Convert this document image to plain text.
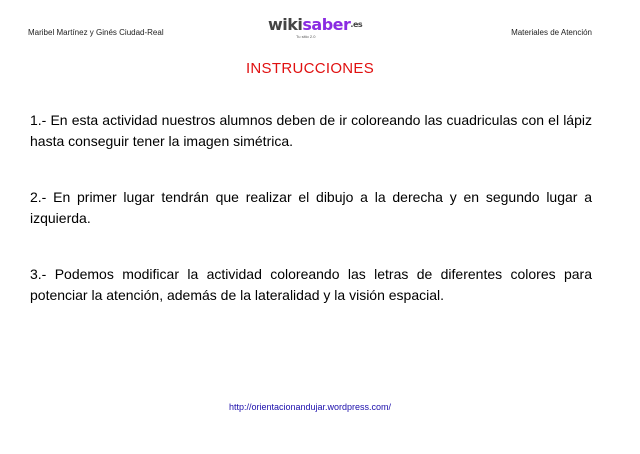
Maribel Martínez y Ginés Ciudad-Real	wikisaber$^{.es}$
Tu sitio 2.0	Materiales de Atención
INSTRUCCIONES
1.- En esta actividad nuestros alumnos deben de ir coloreando las cuadriculas con el lápiz hasta conseguir tener la imagen simétrica.
2.- En primer lugar tendrán que realizar el dibujo a la derecha y en segundo lugar a izquierda.
3.- Podemos modificar la actividad coloreando las letras de diferentes colores para potenciar la atención, además de la lateralidad y la visión espacial.
http://orientacionandujar.wordpress.com/
